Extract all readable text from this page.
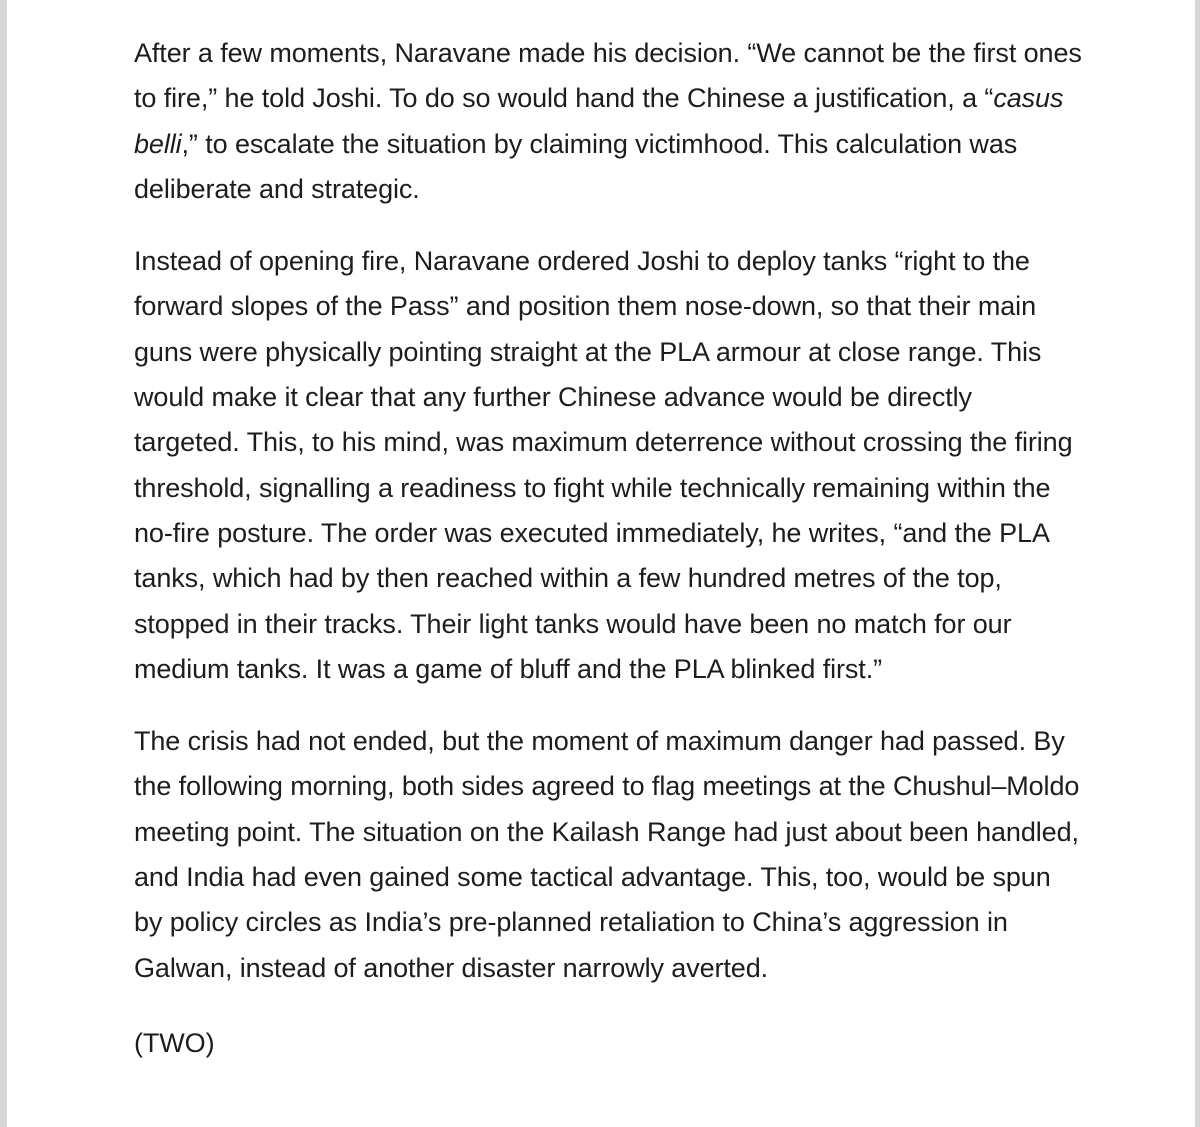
After a few moments, Naravane made his decision. “We cannot be the first ones to fire,” he told Joshi. To do so would hand the Chinese a justification, a “casus belli,” to escalate the situation by claiming victimhood. This calculation was deliberate and strategic.

Instead of opening fire, Naravane ordered Joshi to deploy tanks “right to the forward slopes of the Pass” and position them nose-down, so that their main guns were physically pointing straight at the PLA armour at close range. This would make it clear that any further Chinese advance would be directly targeted. This, to his mind, was maximum deterrence without crossing the firing threshold, signalling a readiness to fight while technically remaining within the no-fire posture. The order was executed immediately, he writes, “and the PLA tanks, which had by then reached within a few hundred metres of the top, stopped in their tracks. Their light tanks would have been no match for our medium tanks. It was a game of bluff and the PLA blinked first.”

The crisis had not ended, but the moment of maximum danger had passed. By the following morning, both sides agreed to flag meetings at the Chushul–Moldo meeting point. The situation on the Kailash Range had just about been handled, and India had even gained some tactical advantage. This, too, would be spun by policy circles as India’s pre-planned retaliation to China’s aggression in Galwan, instead of another disaster narrowly averted.

(TWO)
